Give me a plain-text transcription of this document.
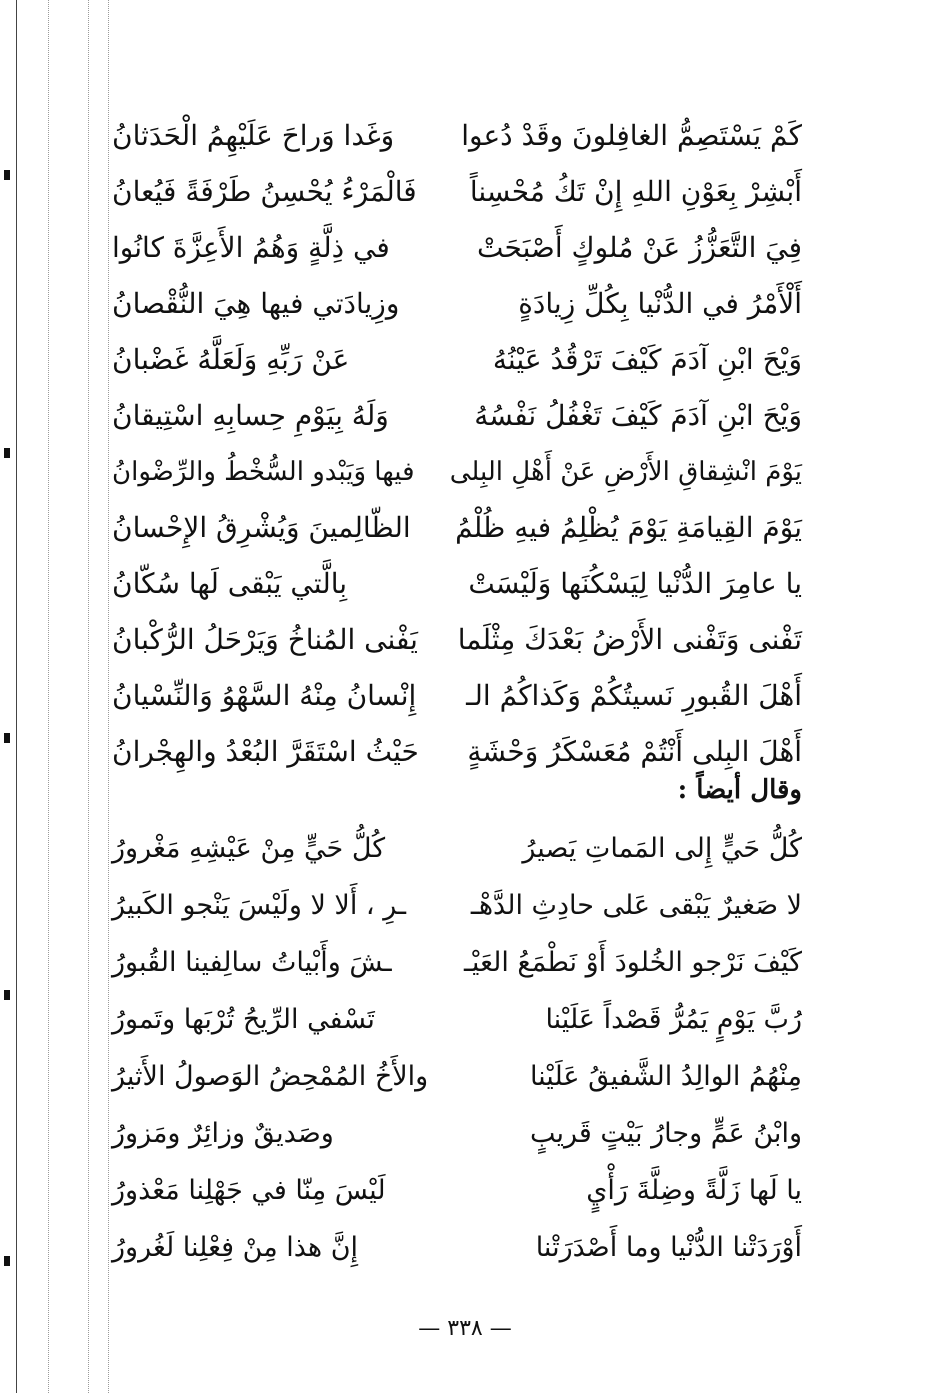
كَمْ يَسْتَصِمُّ الغافِلونَ وقَدْ دُعوا
وَغَدا وَراحَ عَلَيْهِمُ الْحَدَثانُ
أَبْشِرْ بِعَوْنِ اللهِ إِنْ تَكُ مُحْسِناً
فَالْمَرْءُ يُحْسِنُ طَرْفَةً فَيُعانُ
فِيَ التَّعَزُّزُ عَنْ مُلوكٍ أَصْبَحَتْ
في ذِلَّةٍ وَهُمُ الأَعِزَّةَ كانُوا
أَلْأَمْرُ في الدُّنْيا بِكُلِّ زِيادَةٍ
وزِيادَتي فيها هِيَ النُّقْصانُ
وَيْحَ ابْنِ آدَمَ كَيْفَ تَرْقُدُ عَيْنُهُ
عَنْ رَبِّهِ وَلَعَلَّهُ غَضْبانُ
وَيْحَ ابْنِ آدَمَ كَيْفَ تَغْفُلُ نَفْسُهُ
وَلَهُ بِيَوْمِ حِسابِهِ اسْتِيقانُ
يَوْمَ انْشِقاقِ الأَرْضِ عَنْ أَهْلِ البِلى
فيها وَيَبْدو السُّخْطُ والرِّضْوانُ
يَوْمَ القِيامَةِ يَوْمَ يُظْلِمُ فيهِ ظُلْمُ
الظّالِمينَ وَيُشْرِقُ الإِحْسانُ
يا عامِرَ الدُّنْيا لِيَسْكُنَها وَلَيْسَتْ
بِالَّتي يَبْقى لَها سُكّانُ
تَفْنى وَتَفْنى الأَرْضُ بَعْدَكَ مِثْلَما
يَفْنى المُناخُ وَيَرْحَلُ الرُّكْبانُ
أَهْلَ القُبورِ نَسيتُكُمْ وَكَذاكُمُ الـ
إِنْسانُ مِنْهُ السَّهْوُ وَالنِّسْيانُ
أَهْلَ البِلى أَنْتُمْ مُعَسْكَرُ وَحْشَةٍ
حَيْثُ اسْتَقَرَّ البُعْدُ والهِجْرانُ
وقال أيضاً :
كُلُّ حَيٍّ إِلى المَماتِ يَصيرُ
كُلُّ حَيٍّ مِنْ عَيْشِهِ مَغْرورُ
لا صَغيرٌ يَبْقى عَلى حادِثِ الدَّهْـ
ـرِ ، أَلا لا ولَيْسَ يَنْجو الكَبيرُ
كَيْفَ نَرْجو الخُلودَ أَوْ نَطْمَعُ العَيْـ
ـشَ وأَبْياتُ سالِفينا القُبورُ
رُبَّ يَوْمٍ يَمُرُّ قَصْداً عَلَيْنا
تَسْفي الرِّيحُ تُرْبَها وتَمورُ
مِنْهُمُ الوالِدُ الشَّفيقُ عَلَيْنا
والأَخُ المُمْحِضُ الوَصولُ الأَثيرُ
وابْنُ عَمٍّ وجارُ بَيْتٍ قَريبٍ
وصَديقٌ وزائِرٌ ومَزورُ
يا لَها زَلَّةً وضِلَّةَ رَأْيٍ
لَيْسَ مِنّا في جَهْلِنا مَعْذورُ
أَوْرَدَتْنا الدُّنْيا وما أَصْدَرَتْنا
إِنَّ هذا مِنْ فِعْلِنا لَغُرورُ
— ٣٣٨ —
